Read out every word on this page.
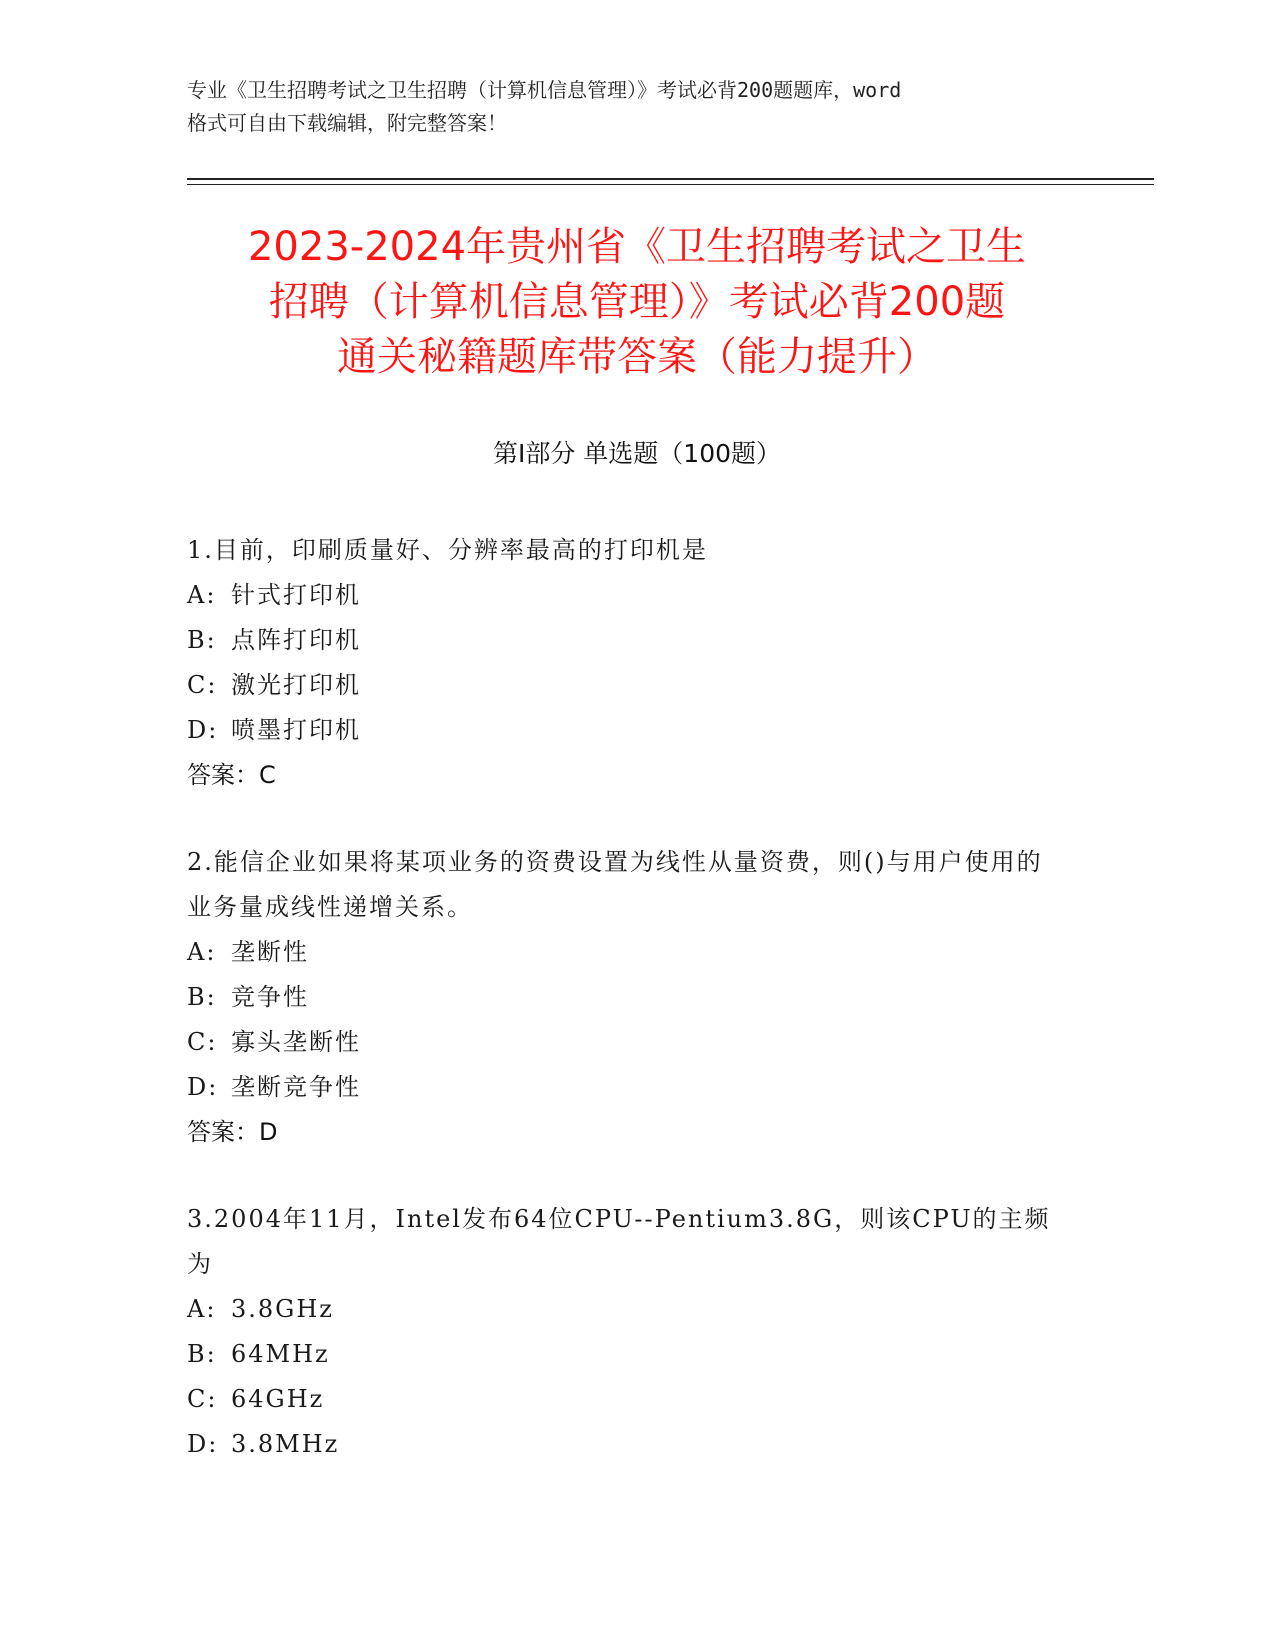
专业《卫生招聘考试之卫生招聘（计算机信息管理）》考试必背200题题库，word
格式可自由下载编辑，附完整答案！
2023-2024年贵州省《卫生招聘考试之卫生
招聘（计算机信息管理）》考试必背200题
通关秘籍题库带答案（能力提升）
第Ⅰ部分 单选题（100题）

1.目前，印刷质量好、分辨率最高的打印机是

A: 针式打印机

B: 点阵打印机

C: 激光打印机

D: 喷墨打印机

答案：C

2.能信企业如果将某项业务的资费设置为线性从量资费，则()与用户使用的业务量成线性递增关系。

A: 垄断性

B: 竞争性

C: 寡头垄断性

D: 垄断竞争性

答案：D

3.2004年11月，Intel发布64位CPU--Pentium3.8G，则该CPU的主频为

A: 3.8GHz

B: 64MHz

C: 64GHz

D: 3.8MHz
